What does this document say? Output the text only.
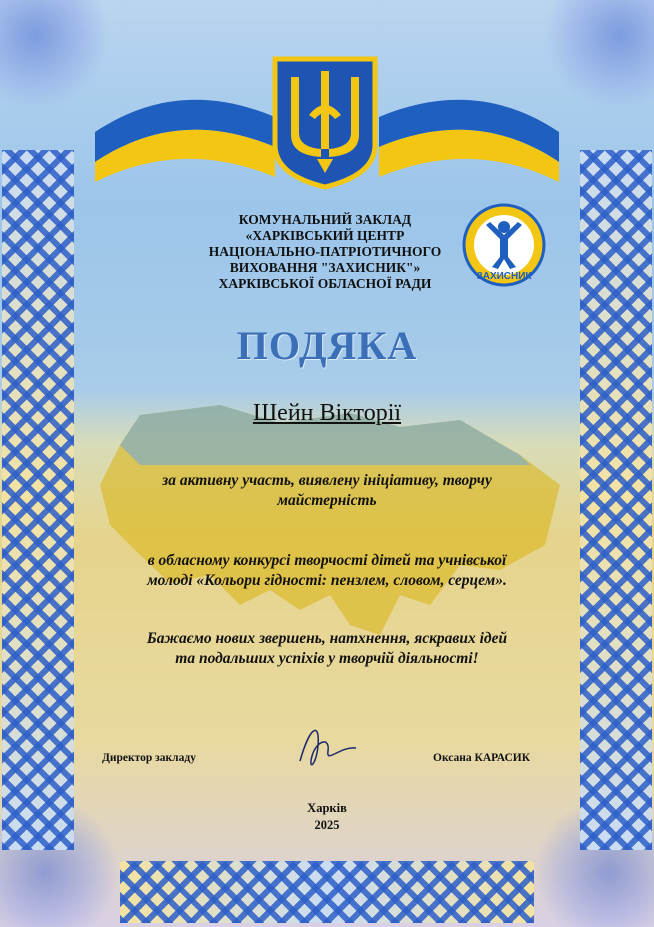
КОМУНАЛЬНИЙ ЗАКЛАД
«ХАРКІВСЬКИЙ ЦЕНТР
НАЦІОНАЛЬНО-ПАТРІОТИЧНОГО
ВИХОВАННЯ "ЗАХИСНИК"»
ХАРКІВСЬКОЇ ОБЛАСНОЇ РАДИ	ЗАХИСНИК
ПОДЯКА
Шейн Вікторії
за активну участь, виявлену ініціативу, творчу
майстерність
в обласному конкурсі творчості дітей та учнівської
молоді «Кольори гідності: пензлем, словом, серцем».
Бажаємо нових звершень, натхнення, яскравих ідей
та подальших успіхів у творчій діяльності!
Директор закладу	Оксана КАРАСИК
Харків
2025
